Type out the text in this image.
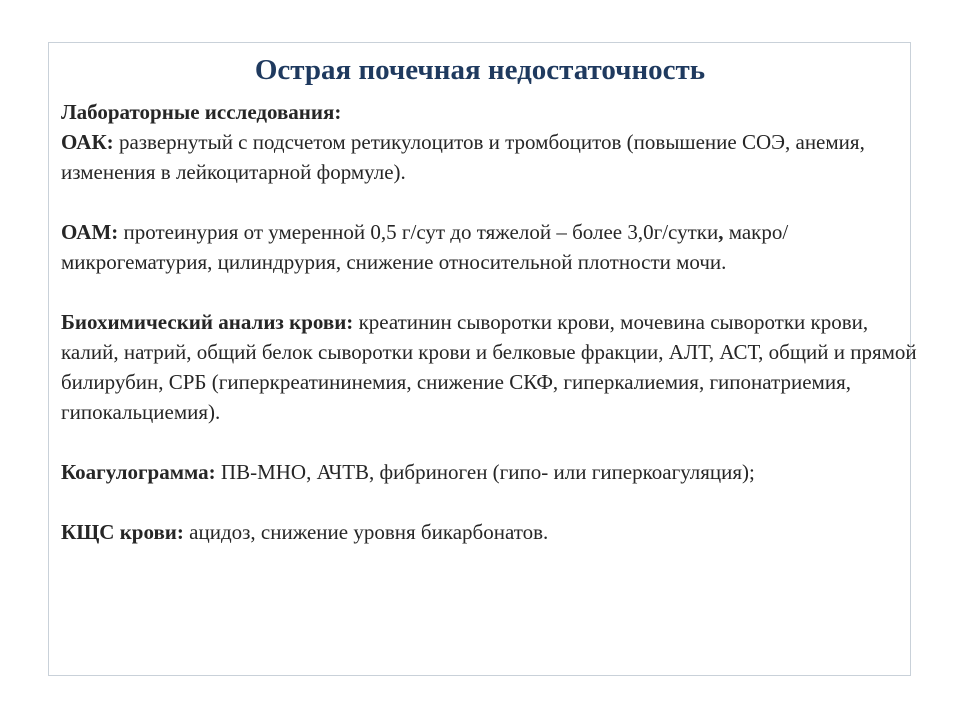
Острая почечная недостаточность

Лабораторные исследования:

ОАК: развернутый с подсчетом ретикулоцитов и тромбоцитов (повышение СОЭ, анемия, изменения в лейкоцитарной формуле).

ОАМ: протеинурия от умеренной 0,5 г/сут до тяжелой – более 3,0г/сутки, макро/микрогематурия, цилиндрурия, снижение относительной плотности мочи.

Биохимический анализ крови: креатинин сыворотки крови, мочевина сыворотки крови, калий, натрий, общий белок сыворотки крови и белковые фракции, АЛТ, АСТ, общий и прямой билирубин, СРБ (гиперкреатининемия, снижение СКФ, гиперкалиемия, гипонатриемия, гипокальциемия).

Коагулограмма: ПВ-МНО, АЧТВ, фибриноген (гипо- или гиперкоагуляция);

КЩС крови: ацидоз, снижение уровня бикарбонатов.
